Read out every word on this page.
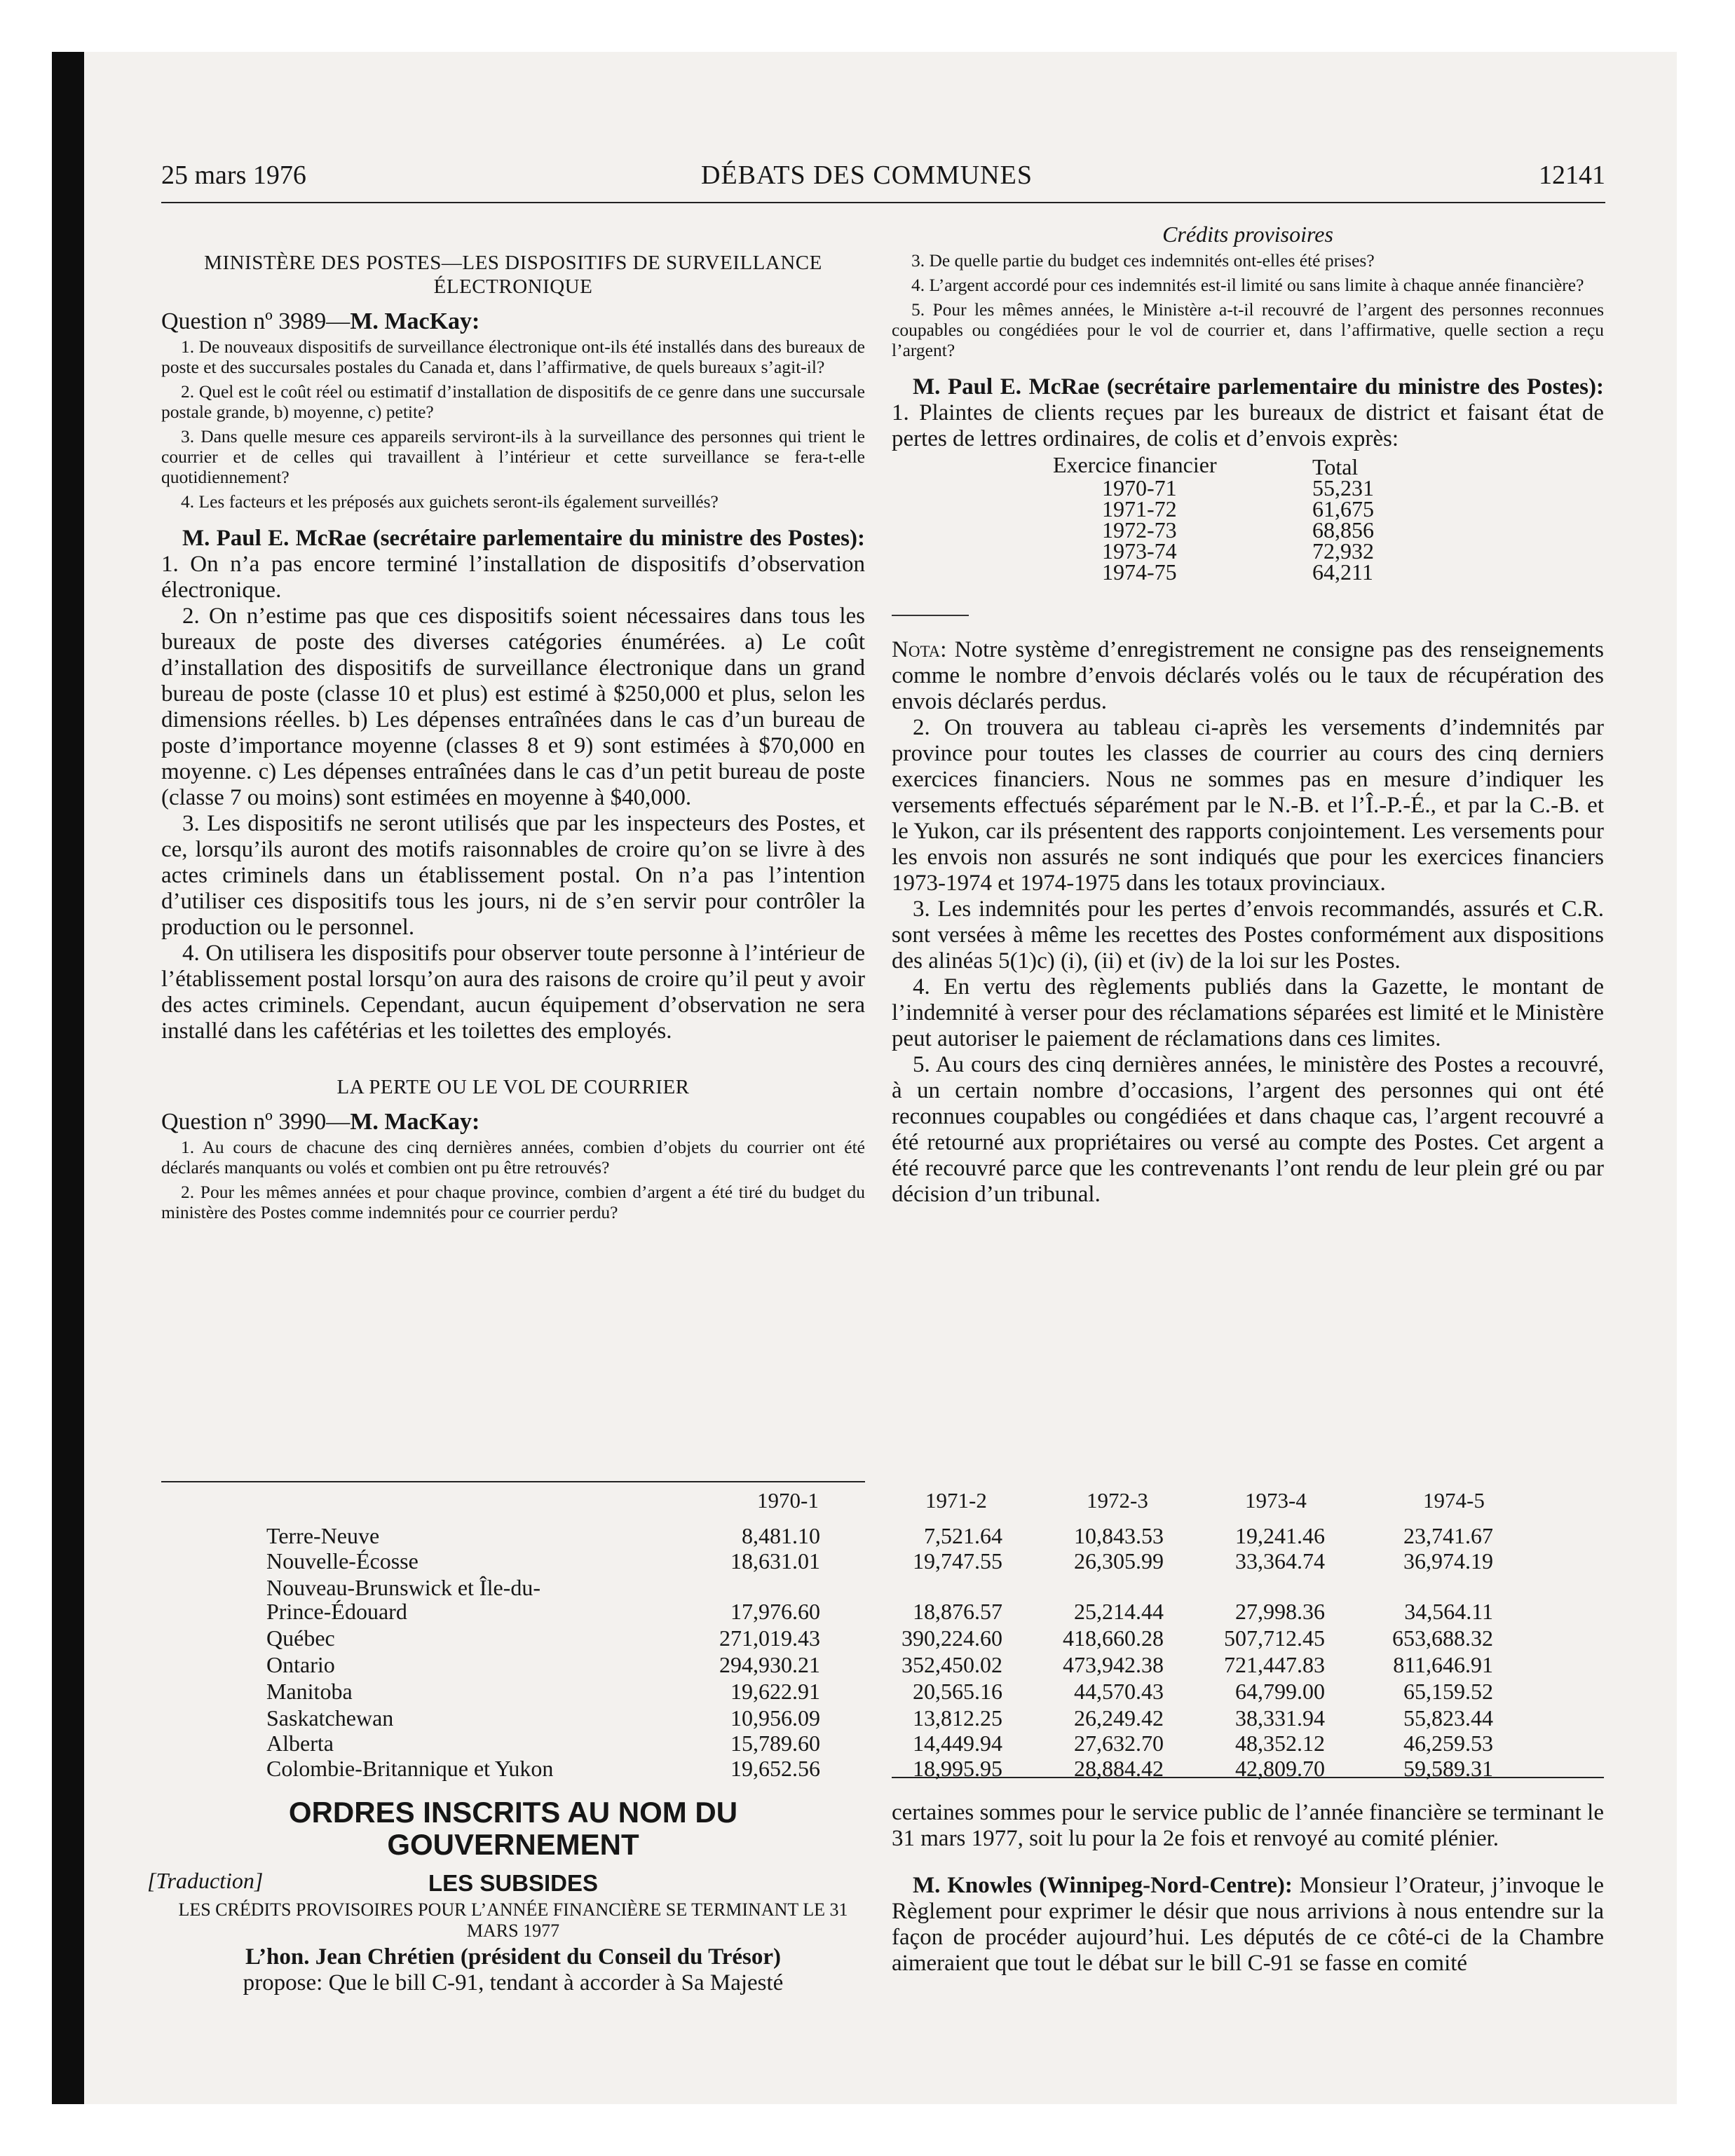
25 mars 1976	DÉBATS DES COMMUNES	12141
MINISTÈRE DES POSTES—LES DISPOSITIFS DE SURVEILLANCE ÉLECTRONIQUE
Question nº 3989—M. MacKay:

1. De nouveaux dispositifs de surveillance électronique ont-ils été installés dans des bureaux de poste et des succursales postales du Canada et, dans l’affirmative, de quels bureaux s’agit-il?

2. Quel est le coût réel ou estimatif d’installation de dispositifs de ce genre dans une succursale postale grande, b) moyenne, c) petite?

3. Dans quelle mesure ces appareils serviront-ils à la surveillance des personnes qui trient le courrier et de celles qui travaillent à l’intérieur et cette surveillance se fera-t-elle quotidiennement?

4. Les facteurs et les préposés aux guichets seront-ils également surveillés?

M. Paul E. McRae (secrétaire parlementaire du ministre des Postes): 1. On n’a pas encore terminé l’installation de dispositifs d’observation électronique.

2. On n’estime pas que ces dispositifs soient nécessaires dans tous les bureaux de poste des diverses catégories énumérées. a) Le coût d’installation des dispositifs de surveillance électronique dans un grand bureau de poste (classe 10 et plus) est estimé à $250,000 et plus, selon les dimensions réelles. b) Les dépenses entraînées dans le cas d’un bureau de poste d’importance moyenne (classes 8 et 9) sont estimées à $70,000 en moyenne. c) Les dépenses entraînées dans le cas d’un petit bureau de poste (classe 7 ou moins) sont estimées en moyenne à $40,000.

3. Les dispositifs ne seront utilisés que par les inspecteurs des Postes, et ce, lorsqu’ils auront des motifs raisonnables de croire qu’on se livre à des actes criminels dans un établissement postal. On n’a pas l’intention d’utiliser ces dispositifs tous les jours, ni de s’en servir pour contrôler la production ou le personnel.

4. On utilisera les dispositifs pour observer toute personne à l’intérieur de l’établissement postal lorsqu’on aura des raisons de croire qu’il peut y avoir des actes criminels. Cependant, aucun équipement d’observation ne sera installé dans les cafétérias et les toilettes des employés.

LA PERTE OU LE VOL DE COURRIER
Question nº 3990—M. MacKay:

1. Au cours de chacune des cinq dernières années, combien d’objets du courrier ont été déclarés manquants ou volés et combien ont pu être retrouvés?

2. Pour les mêmes années et pour chaque province, combien d’argent a été tiré du budget du ministère des Postes comme indemnités pour ce courrier perdu?

Crédits provisoires

3. De quelle partie du budget ces indemnités ont-elles été prises?

4. L’argent accordé pour ces indemnités est-il limité ou sans limite à chaque année financière?

5. Pour les mêmes années, le Ministère a-t-il recouvré de l’argent des personnes reconnues coupables ou congédiées pour le vol de courrier et, dans l’affirmative, quelle section a reçu l’argent?

M. Paul E. McRae (secrétaire parlementaire du ministre des Postes): 1. Plaintes de clients reçues par les bureaux de district et faisant état de pertes de lettres ordinaires, de colis et d’envois exprès:

Exercice financier	Total
1970-71	55,231
1971-72	61,675
1972-73	68,856
1973-74	72,932
1974-75	64,211

Nota: Notre système d’enregistrement ne consigne pas des renseignements comme le nombre d’envois déclarés volés ou le taux de récupération des envois déclarés perdus.

2. On trouvera au tableau ci-après les versements d’indemnités par province pour toutes les classes de courrier au cours des cinq derniers exercices financiers. Nous ne sommes pas en mesure d’indiquer les versements effectués séparément par le N.-B. et l’Î.-P.-É., et par la C.-B. et le Yukon, car ils présentent des rapports conjointement. Les versements pour les envois non assurés ne sont indiqués que pour les exercices financiers 1973-1974 et 1974-1975 dans les totaux provinciaux.

3. Les indemnités pour les pertes d’envois recommandés, assurés et C.R. sont versées à même les recettes des Postes conformément aux dispositions des alinéas 5(1)c) (i), (ii) et (iv) de la loi sur les Postes.

4. En vertu des règlements publiés dans la Gazette, le montant de l’indemnité à verser pour des réclamations séparées est limité et le Ministère peut autoriser le paiement de réclamations dans ces limites.

5. Au cours des cinq dernières années, le ministère des Postes a recouvré, à un certain nombre d’occasions, l’argent des personnes qui ont été reconnues coupables ou congédiées et dans chaque cas, l’argent recouvré a été retourné aux propriétaires ou versé au compte des Postes. Cet argent a été recouvré parce que les contrevenants l’ont rendu de leur plein gré ou par décision d’un tribunal.

1970-1	1971-2	1972-3	1973-4	1974-5
Terre-Neuve	8,481.10	7,521.64	10,843.53	19,241.46	23,741.67
Nouvelle-Écosse	18,631.01	19,747.55	26,305.99	33,364.74	36,974.19
Nouveau-Brunswick et Île-du-
Prince-Édouard	17,976.60	18,876.57	25,214.44	27,998.36	34,564.11
Québec	271,019.43	390,224.60	418,660.28	507,712.45	653,688.32
Ontario	294,930.21	352,450.02	473,942.38	721,447.83	811,646.91
Manitoba	19,622.91	20,565.16	44,570.43	64,799.00	65,159.52
Saskatchewan	10,956.09	13,812.25	26,249.42	38,331.94	55,823.44
Alberta	15,789.60	14,449.94	27,632.70	48,352.12	46,259.53
Colombie-Britannique et Yukon	19,652.56	18,995.95	28,884.42	42,809.70	59,589.31
ORDRES INSCRITS AU NOM DU GOUVERNEMENT
[Traduction]	LES SUBSIDES
LES CRÉDITS PROVISOIRES POUR L’ANNÉE FINANCIÈRE SE TERMINANT LE 31 MARS 1977

L’hon. Jean Chrétien (président du Conseil du Trésor)
propose: Que le bill C-91, tendant à accorder à Sa Majesté

certaines sommes pour le service public de l’année financière se terminant le 31 mars 1977, soit lu pour la 2e fois et renvoyé au comité plénier.

M. Knowles (Winnipeg-Nord-Centre): Monsieur l’Orateur, j’invoque le Règlement pour exprimer le désir que nous arrivions à nous entendre sur la façon de procéder aujourd’hui. Les députés de ce côté-ci de la Chambre aimeraient que tout le débat sur le bill C-91 se fasse en comité
